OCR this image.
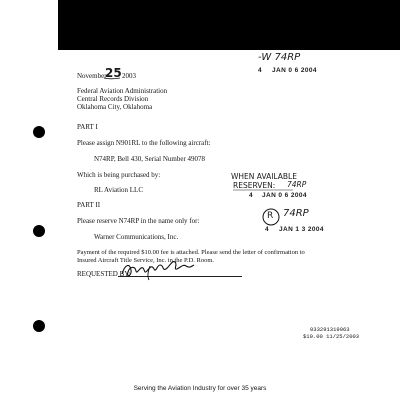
November
25 2003
Federal Aviation Administration
Central Records Division
Oklahoma City, Oklahoma
PART I
Please assign N901RL to the following aircraft:
N74RP, Bell 430, Serial Number 49078
Which is being purchased by:
RL Aviation LLC
PART II
Please reserve N74RP in the name only for:
Warner Communications, Inc.
Payment of the required $10.00 fee is attached. Please send the letter of confirmation to
Insured Aircraft Title Service, Inc. in the P.D. Room.
REQUESTED BY:
-W 74RP
4 JAN 0 6 2004
WHEN AVAILABLE
RESERVEN: 74RP
4 JAN 0 6 2004
R 74RP
4 JAN 1 3 2004
033291319063
$10.00 11/25/2003
Serving the Aviation Industry for over 35 years
